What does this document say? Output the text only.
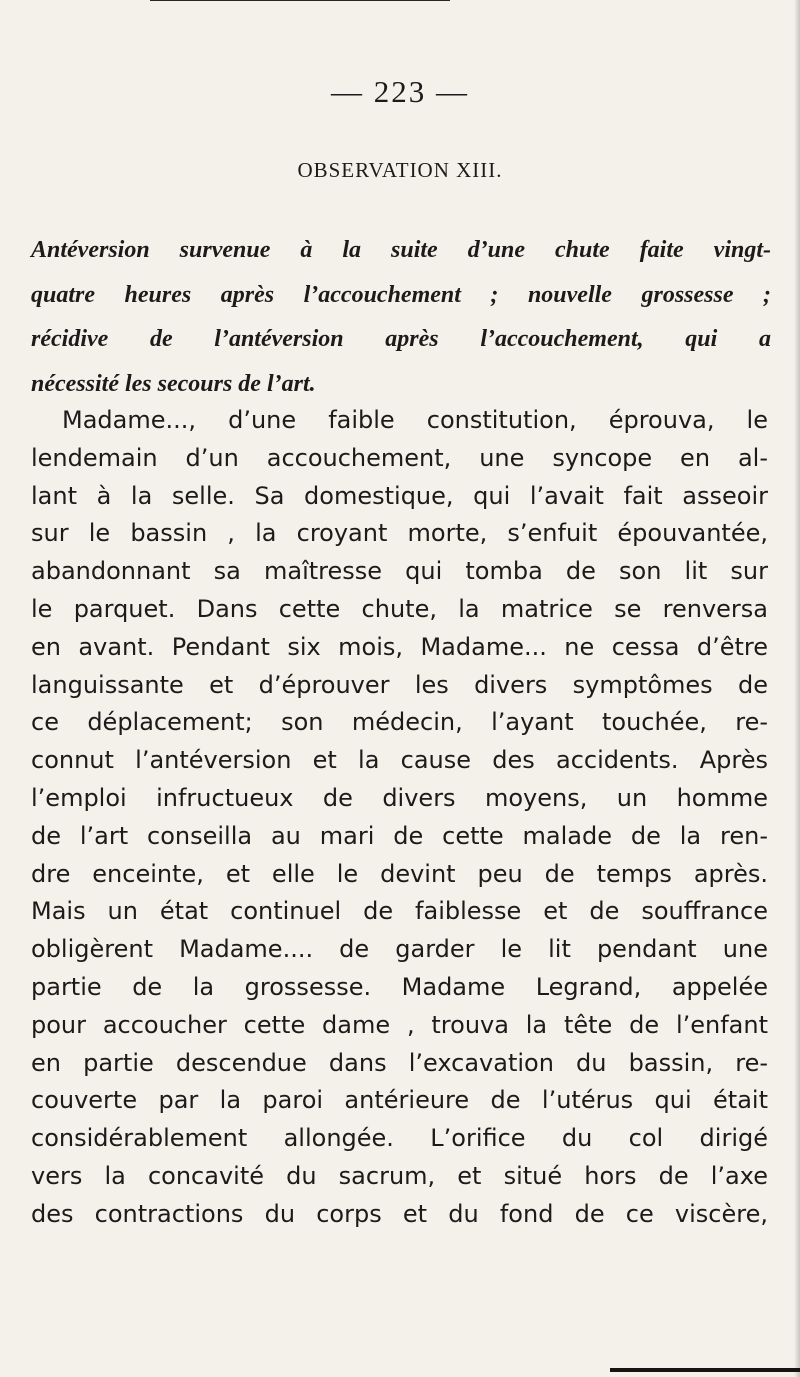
— 223 —
OBSERVATION XIII.
Antéversion survenue à la suite d’une chute faite vingt-
quatre heures après l’accouchement ; nouvelle grossesse ;
récidive de l’antéversion après l’accouchement, qui a
nécessité les secours de l’art.
Madame..., d’une faible constitution, éprouva, le
lendemain d’un accouchement, une syncope en al-
lant à la selle. Sa domestique, qui l’avait fait asseoir
sur le bassin , la croyant morte, s’enfuit épouvantée,
abandonnant sa maîtresse qui tomba de son lit sur
le parquet. Dans cette chute, la matrice se renversa
en avant. Pendant six mois, Madame... ne cessa d’être
languissante et d’éprouver les divers symptômes de
ce déplacement; son médecin, l’ayant touchée, re-
connut l’antéversion et la cause des accidents. Après
l’emploi infructueux de divers moyens, un homme
de l’art conseilla au mari de cette malade de la ren-
dre enceinte, et elle le devint peu de temps après.
Mais un état continuel de faiblesse et de souffrance
obligèrent Madame.... de garder le lit pendant une
partie de la grossesse. Madame Legrand, appelée
pour accoucher cette dame , trouva la tête de l’enfant
en partie descendue dans l’excavation du bassin, re-
couverte par la paroi antérieure de l’utérus qui était
considérablement allongée. L’orifice du col dirigé
vers la concavité du sacrum, et situé hors de l’axe
des contractions du corps et du fond de ce viscère,
